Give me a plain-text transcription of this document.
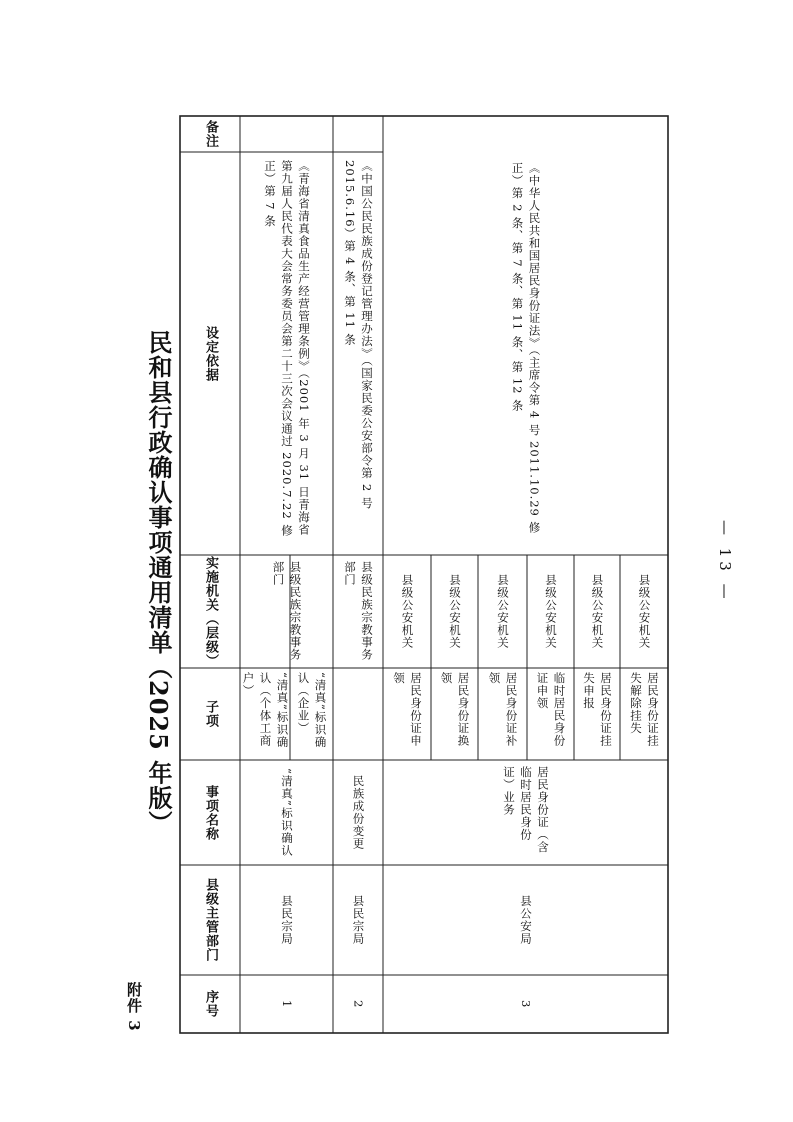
附件 3
民和县行政确认事项通用清单（2025 年版）	— 13 —
序号
县级主管部门
事项名称
子项
实施机关（层级）
设定依据
备注
1
县民宗局
“清真”标识确认
“清真”标识确认（个体工商户）	“清真”标识确认（企业）
县级民族宗教事务部门
《青海省清真食品生产经营管理条例》（2001 年 3 月 31 日青海省第九届人民代表大会常务委员会第二十三次会议通过 2020.7.22 修正）第 7 条
2
县民宗局
民族成份变更
县级民族宗教事务部门
《中国公民民族成份登记管理办法》（国家民委公安部令第 2 号 2015.6.16）第 4 条、第 11 条
3
县公安局
居民身份证（含临时居民身份证）业务
《中华人民共和国居民身份证法》（主席令第 4 号 2011.10.29 修正）第 2 条、第 7 条、第 11 条、第 12 条
居民身份证申领
县级公安机关
居民身份证换领
县级公安机关
居民身份证补领
县级公安机关
临时居民身份证申领
县级公安机关
居民身份证挂失申报
县级公安机关
居民身份证挂失解除挂失
县级公安机关
